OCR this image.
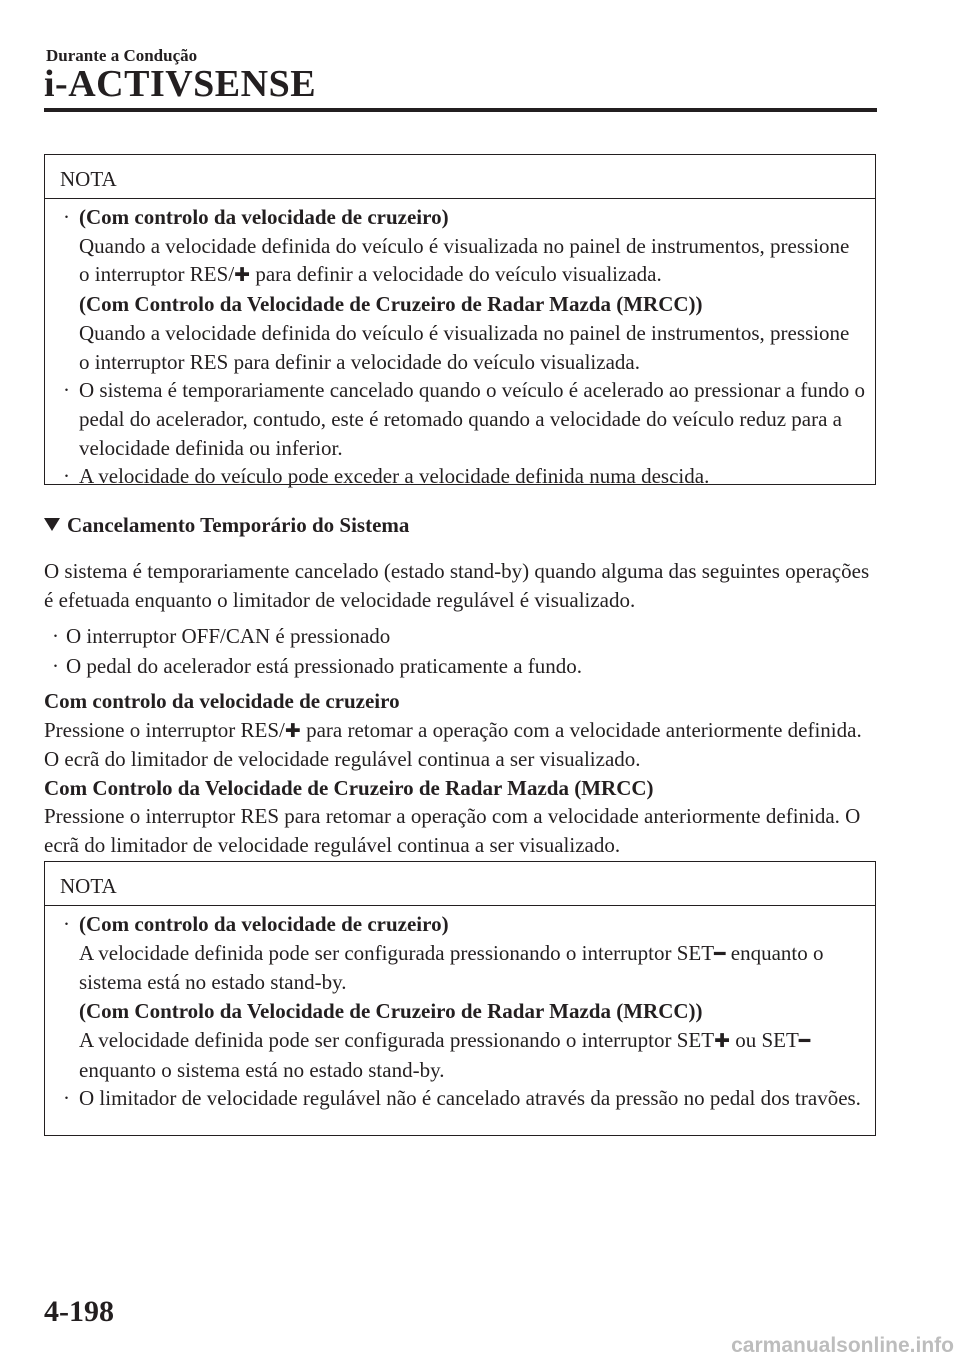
Durante a Condução
i-ACTIVSENSE
NOTA
· (Com controlo da velocidade de cruzeiro)
Quando a velocidade definida do veículo é visualizada no painel de instrumentos, pressione o interruptor RES/✚ para definir a velocidade do veículo visualizada.
(Com Controlo da Velocidade de Cruzeiro de Radar Mazda (MRCC))
Quando a velocidade definida do veículo é visualizada no painel de instrumentos, pressione o interruptor RES para definir a velocidade do veículo visualizada.
· O sistema é temporariamente cancelado quando o veículo é acelerado ao pressionar a fundo o pedal do acelerador, contudo, este é retomado quando a velocidade do veículo reduz para a velocidade definida ou inferior.
· A velocidade do veículo pode exceder a velocidade definida numa descida.
Cancelamento Temporário do Sistema
O sistema é temporariamente cancelado (estado stand-by) quando alguma das seguintes operações é efetuada enquanto o limitador de velocidade regulável é visualizado.
· O interruptor OFF/CAN é pressionado
· O pedal do acelerador está pressionado praticamente a fundo.
Com controlo da velocidade de cruzeiro
Pressione o interruptor RES/✚ para retomar a operação com a velocidade anteriormente definida. O ecrã do limitador de velocidade regulável continua a ser visualizado.
Com Controlo da Velocidade de Cruzeiro de Radar Mazda (MRCC)
Pressione o interruptor RES para retomar a operação com a velocidade anteriormente definida. O ecrã do limitador de velocidade regulável continua a ser visualizado.
NOTA
· (Com controlo da velocidade de cruzeiro)
A velocidade definida pode ser configurada pressionando o interruptor SET━ enquanto o sistema está no estado stand-by.
(Com Controlo da Velocidade de Cruzeiro de Radar Mazda (MRCC))
A velocidade definida pode ser configurada pressionando o interruptor SET✚ ou SET━ enquanto o sistema está no estado stand-by.
· O limitador de velocidade regulável não é cancelado através da pressão no pedal dos travões.
4-198
carmanualsonline.info
